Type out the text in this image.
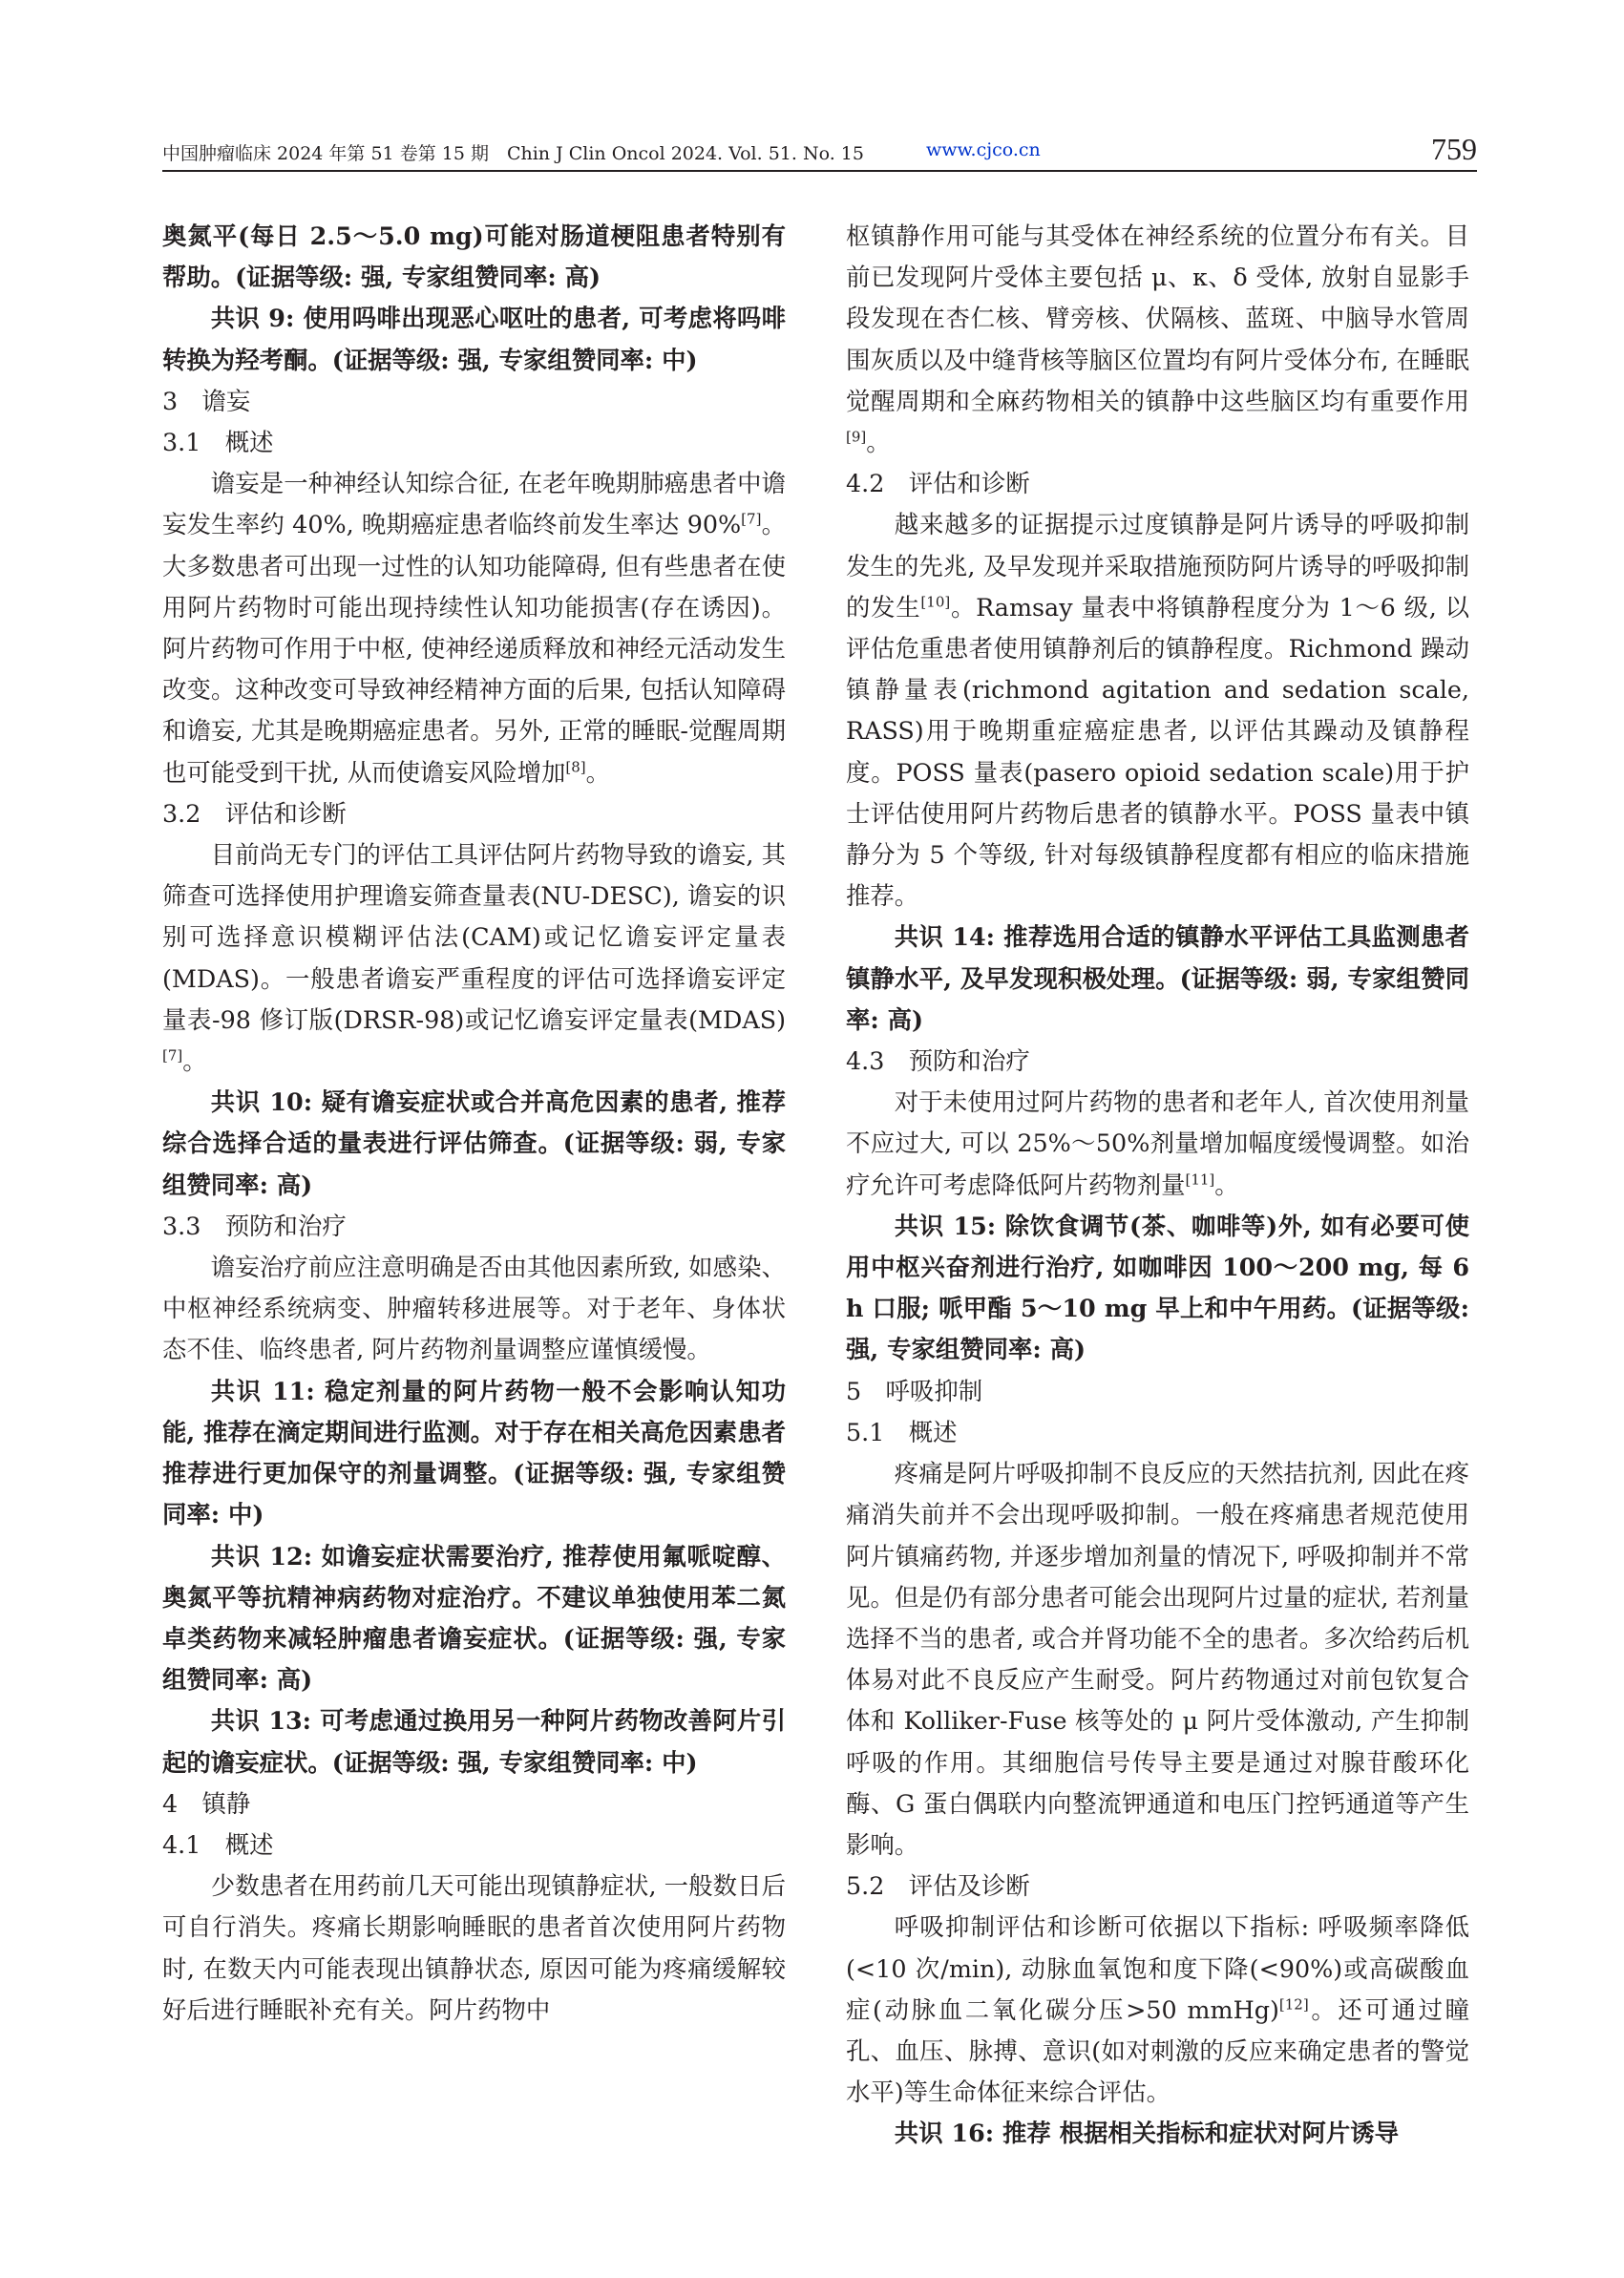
中国肿瘤临床 2024 年第 51 卷第 15 期　Chin J Clin Oncol 2024. Vol. 51. No. 15	www.cjco.cn	759

奥氮平(每日 2.5～5.0 mg)可能对肠道梗阻患者特别有帮助。(证据等级: 强, 专家组赞同率: 高)

共识 9: 使用吗啡出现恶心呕吐的患者, 可考虑将吗啡转换为羟考酮。(证据等级: 强, 专家组赞同率: 中)

3　谵妄

3.1　概述

谵妄是一种神经认知综合征, 在老年晚期肺癌患者中谵妄发生率约 40%, 晚期癌症患者临终前发生率达 90%[7]。大多数患者可出现一过性的认知功能障碍, 但有些患者在使用阿片药物时可能出现持续性认知功能损害(存在诱因)。阿片药物可作用于中枢, 使神经递质释放和神经元活动发生改变。这种改变可导致神经精神方面的后果, 包括认知障碍和谵妄, 尤其是晚期癌症患者。另外, 正常的睡眠-觉醒周期也可能受到干扰, 从而使谵妄风险增加[8]。

3.2　评估和诊断

目前尚无专门的评估工具评估阿片药物导致的谵妄, 其筛查可选择使用护理谵妄筛查量表(NU-DESC), 谵妄的识别可选择意识模糊评估法(CAM)或记忆谵妄评定量表(MDAS)。一般患者谵妄严重程度的评估可选择谵妄评定量表-98 修订版(DRSR-98)或记忆谵妄评定量表(MDAS)[7]。

共识 10: 疑有谵妄症状或合并高危因素的患者, 推荐综合选择合适的量表进行评估筛查。(证据等级: 弱, 专家组赞同率: 高)

3.3　预防和治疗

谵妄治疗前应注意明确是否由其他因素所致, 如感染、中枢神经系统病变、肿瘤转移进展等。对于老年、身体状态不佳、临终患者, 阿片药物剂量调整应谨慎缓慢。

共识 11: 稳定剂量的阿片药物一般不会影响认知功能, 推荐在滴定期间进行监测。对于存在相关高危因素患者推荐进行更加保守的剂量调整。(证据等级: 强, 专家组赞同率: 中)

共识 12: 如谵妄症状需要治疗, 推荐使用氟哌啶醇、奥氮平等抗精神病药物对症治疗。不建议单独使用苯二氮卓类药物来减轻肿瘤患者谵妄症状。(证据等级: 强, 专家组赞同率: 高)

共识 13: 可考虑通过换用另一种阿片药物改善阿片引起的谵妄症状。(证据等级: 强, 专家组赞同率: 中)

4　镇静

4.1　概述

少数患者在用药前几天可能出现镇静症状, 一般数日后可自行消失。疼痛长期影响睡眠的患者首次使用阿片药物时, 在数天内可能表现出镇静状态, 原因可能为疼痛缓解较好后进行睡眠补充有关。阿片药物中

枢镇静作用可能与其受体在神经系统的位置分布有关。目前已发现阿片受体主要包括 μ、κ、δ 受体, 放射自显影手段发现在杏仁核、臂旁核、伏隔核、蓝斑、中脑导水管周围灰质以及中缝背核等脑区位置均有阿片受体分布, 在睡眠觉醒周期和全麻药物相关的镇静中这些脑区均有重要作用[9]。

4.2　评估和诊断

越来越多的证据提示过度镇静是阿片诱导的呼吸抑制发生的先兆, 及早发现并采取措施预防阿片诱导的呼吸抑制的发生[10]。Ramsay 量表中将镇静程度分为 1～6 级, 以评估危重患者使用镇静剂后的镇静程度。Richmond 躁动镇静量表(richmond agitation and sedation scale, RASS)用于晚期重症癌症患者, 以评估其躁动及镇静程度。POSS 量表(pasero opioid sedation scale)用于护士评估使用阿片药物后患者的镇静水平。POSS 量表中镇静分为 5 个等级, 针对每级镇静程度都有相应的临床措施推荐。

共识 14: 推荐选用合适的镇静水平评估工具监测患者镇静水平, 及早发现积极处理。(证据等级: 弱, 专家组赞同率: 高)

4.3　预防和治疗

对于未使用过阿片药物的患者和老年人, 首次使用剂量不应过大, 可以 25%～50%剂量增加幅度缓慢调整。如治疗允许可考虑降低阿片药物剂量[11]。

共识 15: 除饮食调节(茶、咖啡等)外, 如有必要可使用中枢兴奋剂进行治疗, 如咖啡因 100～200 mg, 每 6 h 口服; 哌甲酯 5～10 mg 早上和中午用药。(证据等级: 强, 专家组赞同率: 高)

5　呼吸抑制

5.1　概述

疼痛是阿片呼吸抑制不良反应的天然拮抗剂, 因此在疼痛消失前并不会出现呼吸抑制。一般在疼痛患者规范使用阿片镇痛药物, 并逐步增加剂量的情况下, 呼吸抑制并不常见。但是仍有部分患者可能会出现阿片过量的症状, 若剂量选择不当的患者, 或合并肾功能不全的患者。多次给药后机体易对此不良反应产生耐受。阿片药物通过对前包钦复合体和 Kolliker-Fuse 核等处的 μ 阿片受体激动, 产生抑制呼吸的作用。其细胞信号传导主要是通过对腺苷酸环化酶、G 蛋白偶联内向整流钾通道和电压门控钙通道等产生影响。

5.2　评估及诊断

呼吸抑制评估和诊断可依据以下指标: 呼吸频率降低(<10 次/min), 动脉血氧饱和度下降(<90%)或高碳酸血症(动脉血二氧化碳分压>50 mmHg)[12]。还可通过瞳孔、血压、脉搏、意识(如对刺激的反应来确定患者的警觉水平)等生命体征来综合评估。

共识 16: 推荐 根据相关指标和症状对阿片诱导
